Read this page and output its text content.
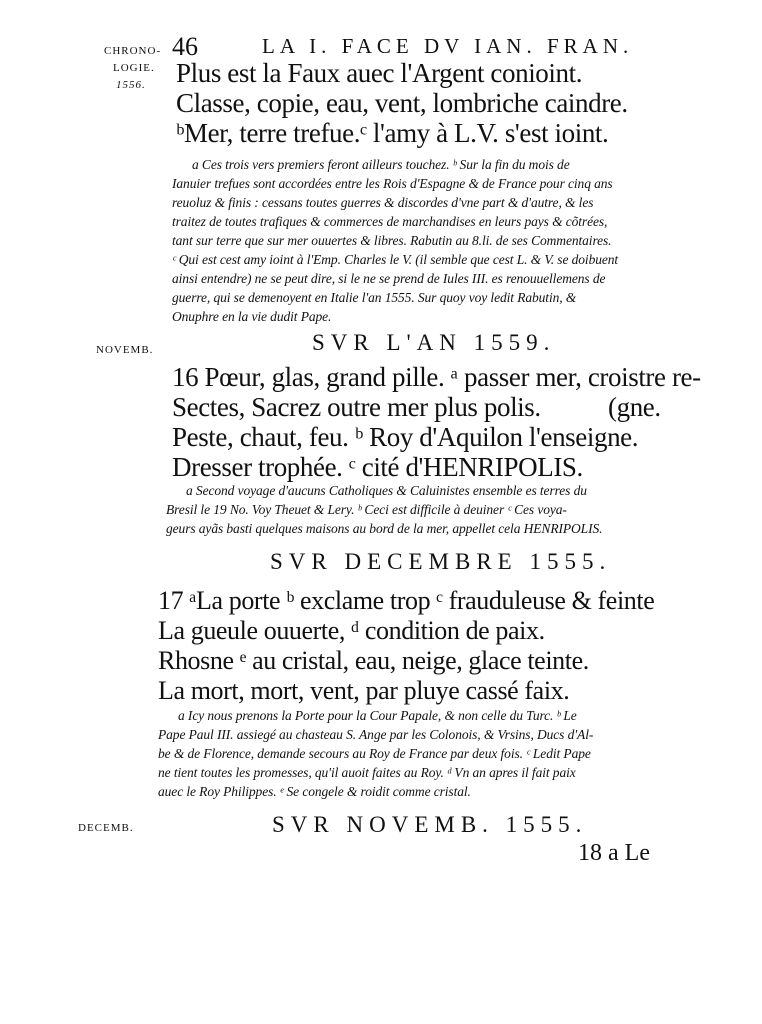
CHRONO-
LOGIE.
1556.
46	LA I. FACE DV IAN. FRAN.
Plus est la Faux auec l'Argent conioint.
Classe, copie, eau, vent, lombriche caindre.
ᵇMer, terre trefue.ᶜ l'amy à L.V. s'est ioint.
a Ces trois vers premiers feront ailleurs touchez. ᵇ Sur la fin du mois de
Ianuier trefues sont accordées entre les Rois d'Espagne & de France pour cinq ans
reuoluz & finis : cessans toutes guerres & discordes d'vne part & d'autre, & les
traitez de toutes trafiques & commerces de marchandises en leurs pays & cõtrées,
tant sur terre que sur mer ouuertes & libres. Rabutin au 8.li. de ses Commentaires.
ᶜ Qui est cest amy ioint à l'Emp. Charles le V. (il semble que cest L. & V. se doibuent
ainsi entendre) ne se peut dire, si le ne se prend de Iules III. es renouuellemens de
guerre, qui se demenoyent en Italie l'an 1555. Sur quoy voy ledit Rabutin, &
Onuphre en la vie dudit Pape.
NOVEMB.	SVR L'AN 1559.
16 Pœur, glas, grand pille. ᵃ passer mer, croistre re-
Sectes, Sacrez outre mer plus polis. (gne.
Peste, chaut, feu. ᵇ Roy d'Aquilon l'enseigne.
Dresser trophée. ᶜ cité d'HENRIPOLIS.
a Second voyage d'aucuns Catholiques & Caluinistes ensemble es terres du
Bresil le 19 No. Voy Theuet & Lery. ᵇ Ceci est difficile à deuiner ᶜ Ces voya-
geurs ayãs basti quelques maisons au bord de la mer, appellet cela HENRIPOLIS.
SVR DECEMBRE 1555.
17 ᵃLa porte ᵇ exclame trop ᶜ frauduleuse & feinte
La gueule ouuerte, ᵈ condition de paix.
Rhosne ᵉ au cristal, eau, neige, glace teinte.
La mort, mort, vent, par pluye cassé faix.
a Icy nous prenons la Porte pour la Cour Papale, & non celle du Turc. ᵇ Le
Pape Paul III. assiegé au chasteau S. Ange par les Colonois, & Vrsins, Ducs d'Al-
be & de Florence, demande secours au Roy de France par deux fois. ᶜ Ledit Pape
ne tient toutes les promesses, qu'il auoit faites au Roy. ᵈ Vn an apres il fait paix
auec le Roy Philippes. ᵉ Se congele & roidit comme cristal.
DECEMB.	SVR NOVEMB. 1555.
18 a Le
